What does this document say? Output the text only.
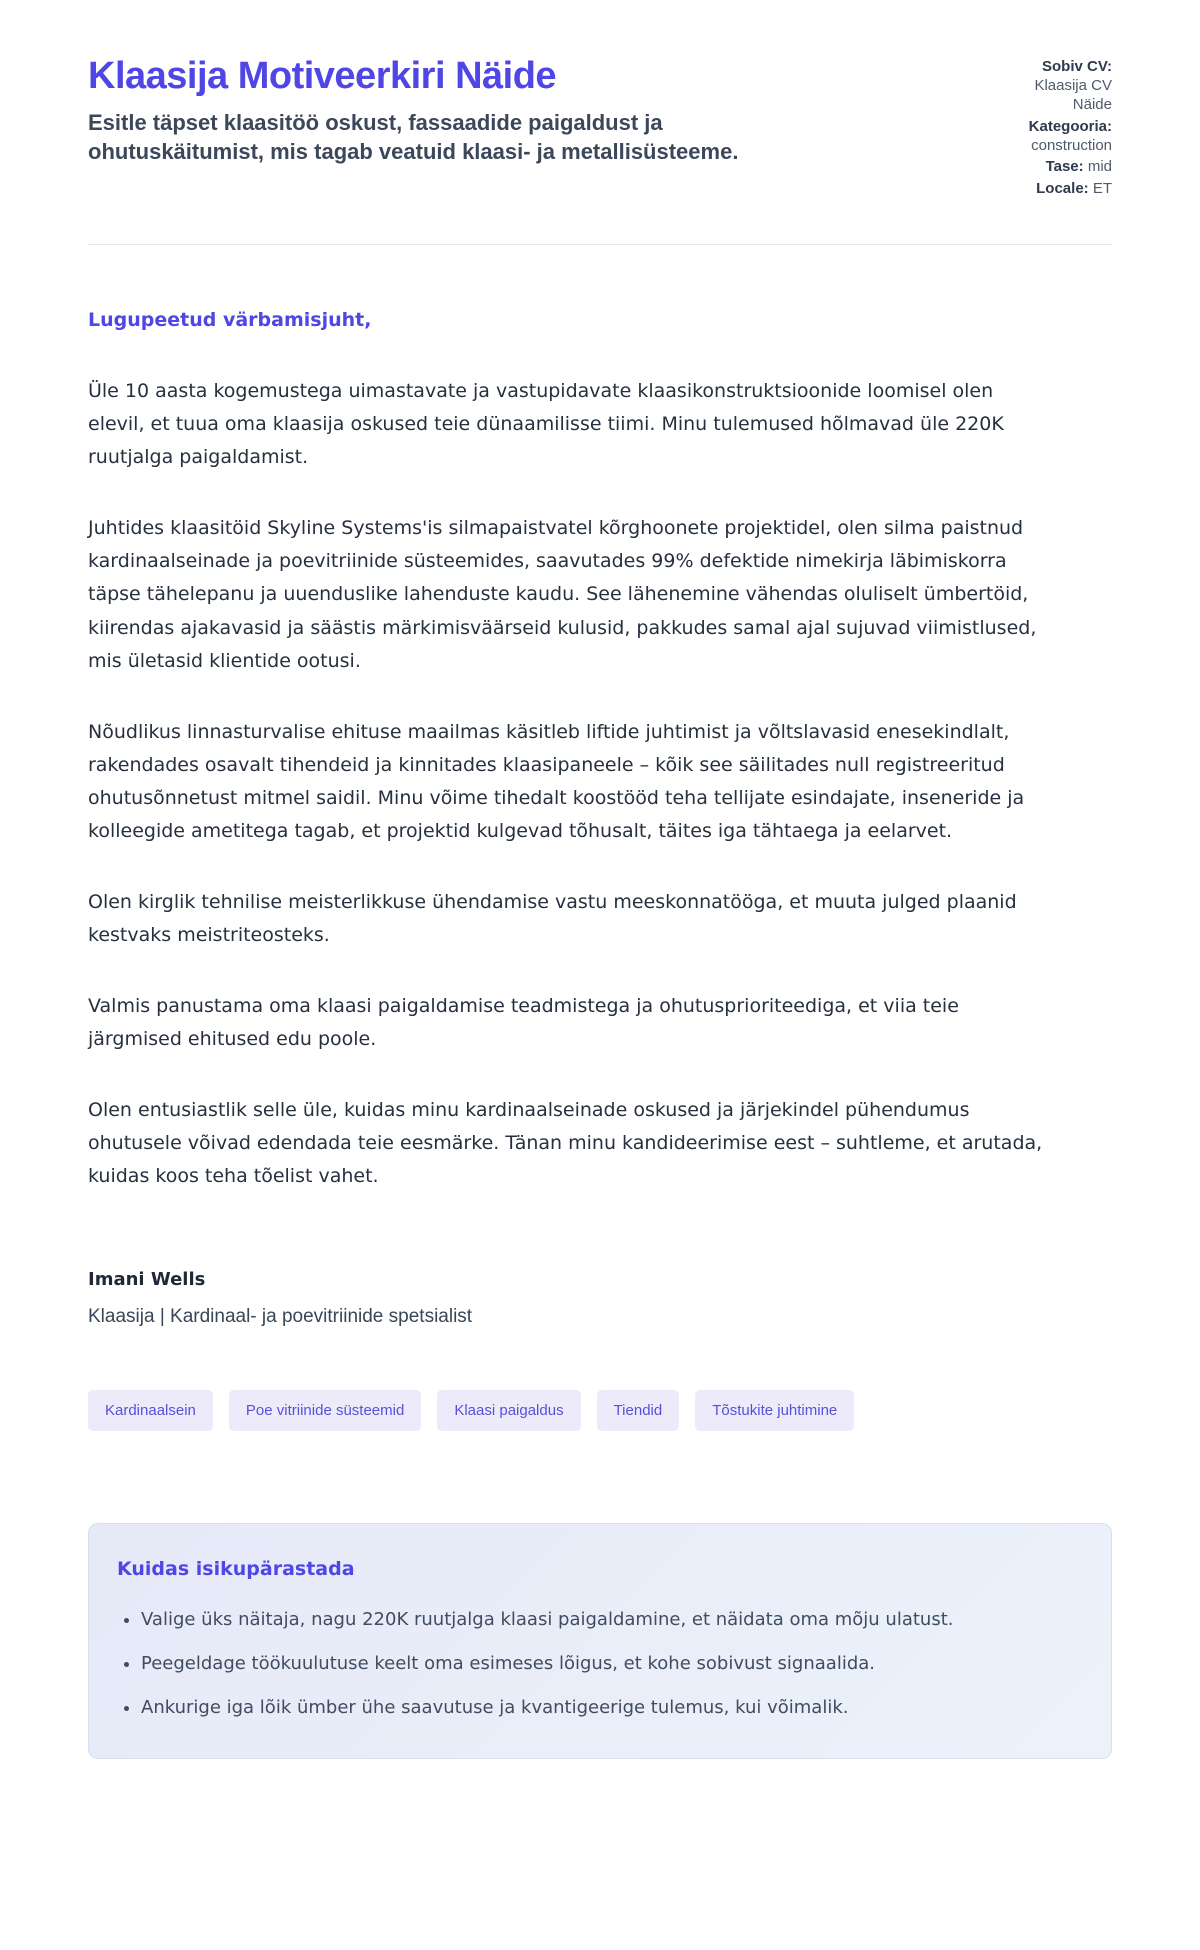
Klaasija Motiveerkiri Näide

Esitle täpset klaasitöö oskust, fassaadide paigaldust ja ohutuskäitumist, mis tagab veatuid klaasi- ja metallisüsteeme.

Sobiv CV: Klaasija CV Näide
Kategooria: construction
Tase: mid
Locale: ET

Lugupeetud värbamisjuht,

Üle 10 aasta kogemustega uimastavate ja vastupidavate klaasikonstruktsioonide loomisel olen elevil, et tuua oma klaasija oskused teie dünaamilisse tiimi. Minu tulemused hõlmavad üle 220K ruutjalga paigaldamist.

Juhtides klaasitöid Skyline Systems'is silmapaistvatel kõrghoonete projektidel, olen silma paistnud kardinaalseinade ja poevitriinide süsteemides, saavutades 99% defektide nimekirja läbimiskorra täpse tähelepanu ja uuenduslike lahenduste kaudu. See lähenemine vähendas oluliselt ümbertöid, kiirendas ajakavasid ja säästis märkimisväärseid kulusid, pakkudes samal ajal sujuvad viimistlused, mis ületasid klientide ootusi.

Nõudlikus linnasturvalise ehituse maailmas käsitleb liftide juhtimist ja võltslavasid enesekindlalt, rakendades osavalt tihendeid ja kinnitades klaasipaneele – kõik see säilitades null registreeritud ohutusõnnetust mitmel saidil. Minu võime tihedalt koostööd teha tellijate esindajate, inseneride ja kolleegide ametitega tagab, et projektid kulgevad tõhusalt, täites iga tähtaega ja eelarvet.

Olen kirglik tehnilise meisterlikkuse ühendamise vastu meeskonnatööga, et muuta julged plaanid kestvaks meistriteosteks.

Valmis panustama oma klaasi paigaldamise teadmistega ja ohutusprioriteediga, et viia teie järgmised ehitused edu poole.

Olen entusiastlik selle üle, kuidas minu kardinaalseinade oskused ja järjekindel pühendumus ohutusele võivad edendada teie eesmärke. Tänan minu kandideerimise eest – suhtleme, et arutada, kuidas koos teha tõelist vahet.

Imani Wells

Klaasija | Kardinaal- ja poevitriinide spetsialist

Kardinaalsein	Poe vitriinide süsteemid	Klaasi paigaldus	Tiendid	Tõstukite juhtimine

Kuidas isikupärastada

• Valige üks näitaja, nagu 220K ruutjalga klaasi paigaldamine, et näidata oma mõju ulatust.
• Peegeldage töökuulutuse keelt oma esimeses lõigus, et kohe sobivust signaalida.
• Ankurige iga lõik ümber ühe saavutuse ja kvantigeerige tulemus, kui võimalik.
